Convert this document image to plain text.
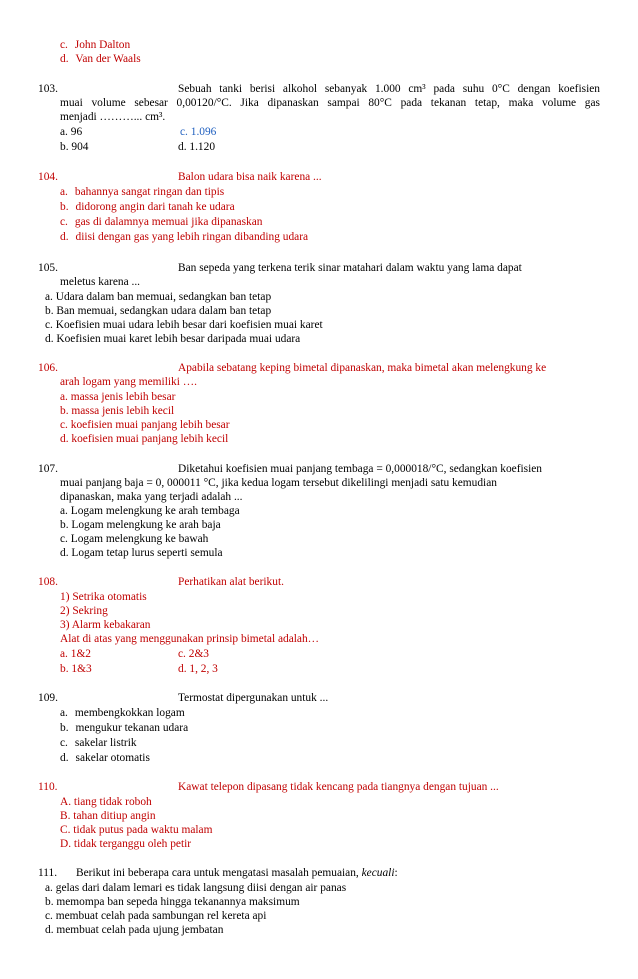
c. John Dalton
d. Van der Waals
103.	Sebuah tanki berisi alkohol sebanyak 1.000 cm³ pada suhu 0°C dengan koefisien
muai volume sebesar 0,00120/°C. Jika dipanaskan sampai 80°C pada tekanan tetap, maka volume gas
menjadi ………... cm³.
a. 96	c. 1.096
b. 904	d. 1.120
104.	Balon udara bisa naik karena ...
a. bahannya sangat ringan dan tipis
b. didorong angin dari tanah ke udara
c. gas di dalamnya memuai jika dipanaskan
d. diisi dengan gas yang lebih ringan dibanding udara
105.	Ban sepeda yang terkena terik sinar matahari dalam waktu yang lama dapat
meletus karena ...
a. Udara dalam ban memuai, sedangkan ban tetap
b. Ban memuai, sedangkan udara dalam ban tetap
c. Koefisien muai udara lebih besar dari koefisien muai karet
d. Koefisien muai karet lebih besar daripada muai udara
106.	Apabila sebatang keping bimetal dipanaskan, maka bimetal akan melengkung ke
arah logam yang memiliki ….
a. massa jenis lebih besar
b. massa jenis lebih kecil
c. koefisien muai panjang lebih besar
d. koefisien muai panjang lebih kecil
107.	Diketahui koefisien muai panjang tembaga = 0,000018/°C, sedangkan koefisien
muai panjang baja = 0, 000011 °C, jika kedua logam tersebut dikelilingi menjadi satu kemudian
dipanaskan, maka yang terjadi adalah ...
a. Logam melengkung ke arah tembaga
b. Logam melengkung ke arah baja
c. Logam melengkung ke bawah
d. Logam tetap lurus seperti semula
108.	Perhatikan alat berikut.
1) Setrika otomatis
2) Sekring
3) Alarm kebakaran
Alat di atas yang menggunakan prinsip bimetal adalah…
a. 1&2	c. 2&3
b. 1&3	d. 1, 2, 3
109.	Termostat dipergunakan untuk ...
a. membengkokkan logam
b. mengukur tekanan udara
c. sakelar listrik
d. sakelar otomatis
110.	Kawat telepon dipasang tidak kencang pada tiangnya dengan tujuan ...
A. tiang tidak roboh
B. tahan ditiup angin
C. tidak putus pada waktu malam
D. tidak terganggu oleh petir
111. Berikut ini beberapa cara untuk mengatasi masalah pemuaian, kecuali:
a. gelas dari dalam lemari es tidak langsung diisi dengan air panas
b. memompa ban sepeda hingga tekanannya maksimum
c. membuat celah pada sambungan rel kereta api
d. membuat celah pada ujung jembatan
